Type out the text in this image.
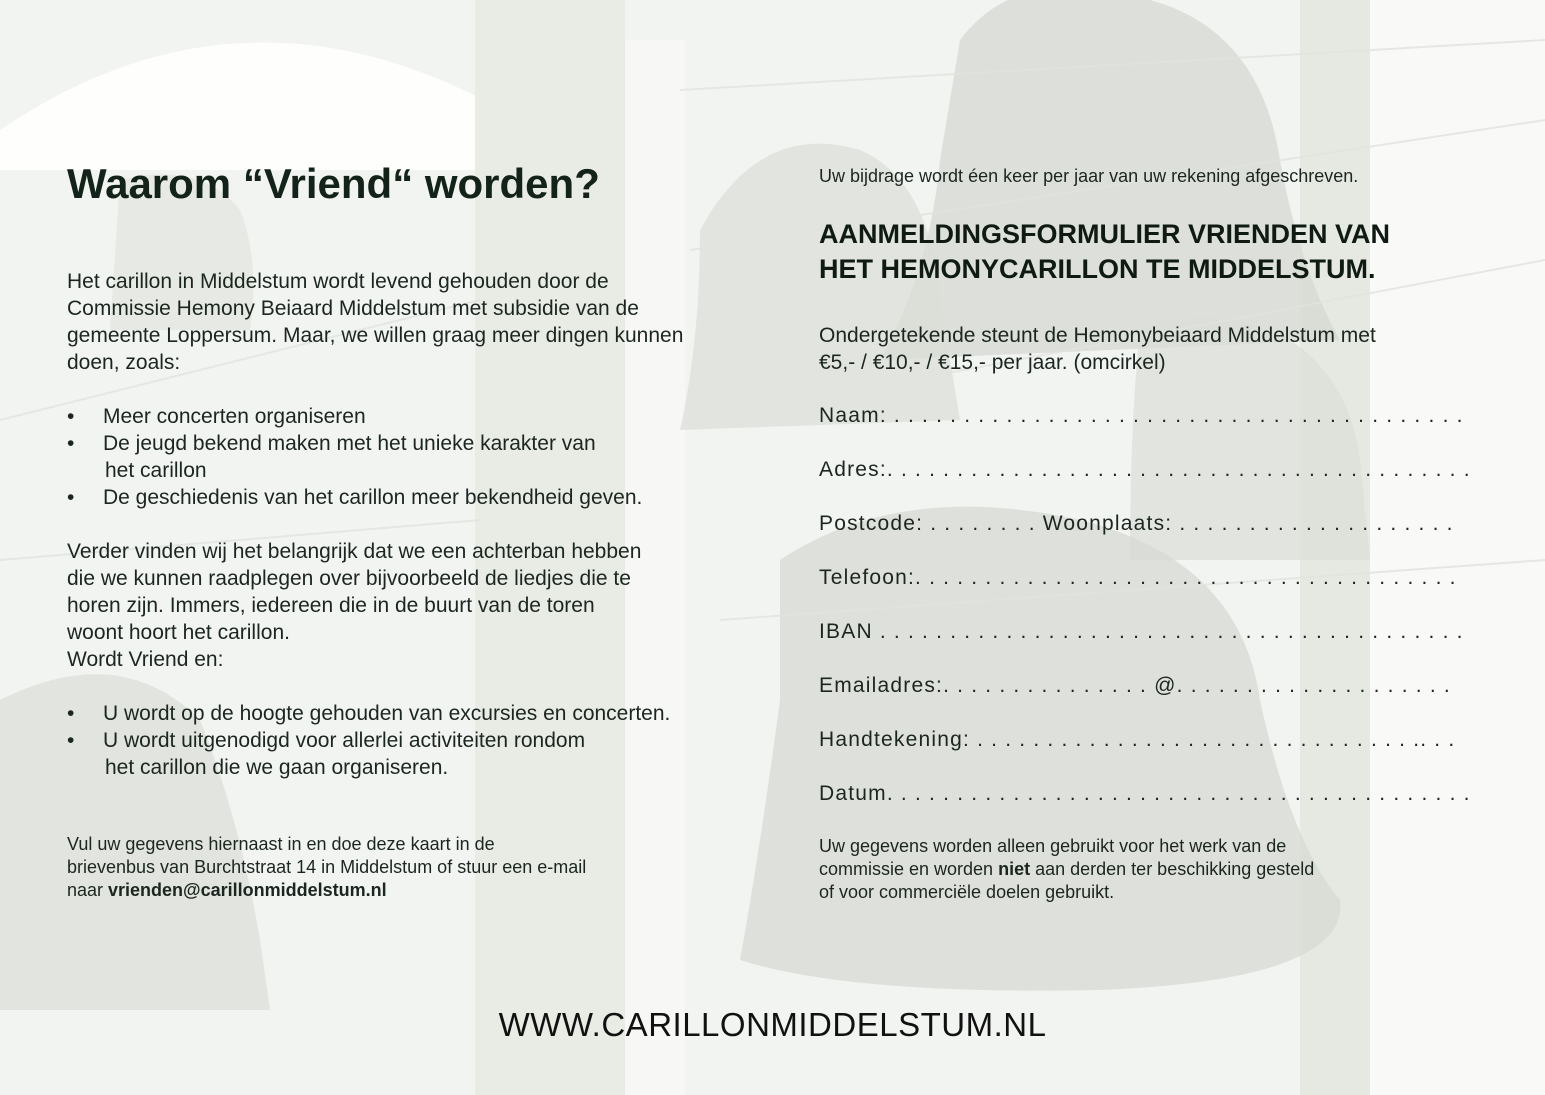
Waarom “Vriend“ worden?
Het carillon in Middelstum wordt levend gehouden door de
Commissie Hemony Beiaard Middelstum met subsidie van de
gemeente Loppersum. Maar, we willen graag meer dingen kunnen
doen, zoals:
• Meer concerten organiseren
• De jeugd bekend maken met het unieke karakter van
het carillon
• De geschiedenis van het carillon meer bekendheid geven.
Verder vinden wij het belangrijk dat we een achterban hebben
die we kunnen raadplegen over bijvoorbeeld de liedjes die te
horen zijn. Immers, iedereen die in de buurt van de toren
woont hoort het carillon.
Wordt Vriend en:
• U wordt op de hoogte gehouden van excursies en concerten.
• U wordt uitgenodigd voor allerlei activiteiten rondom
het carillon die we gaan organiseren.
Vul uw gegevens hiernaast in en doe deze kaart in de
brievenbus van Burchtstraat 14 in Middelstum of stuur een e-mail
naar vrienden@carillonmiddelstum.nl
Uw bijdrage wordt éen keer per jaar van uw rekening afgeschreven.
AANMELDINGSFORMULIER VRIENDEN VAN
HET HEMONYCARILLON TE MIDDELSTUM.
Ondergetekende steunt de Hemonybeiaard Middelstum met
€5,- / €10,- / €15,- per jaar. (omcirkel)
Naam: . . . . . . . . . . . . . . . . . . . . . . . . . . . . . . . . . . . . . . . . .
Adres:. . . . . . . . . . . . . . . . . . . . . . . . . . . . . . . . . . . . . . . . . .
Postcode: . . . . . . . . Woonplaats: . . . . . . . . . . . . . . . . . . . .
Telefoon:. . . . . . . . . . . . . . . . . . . . . . . . . . . . . . . . . . . . . . .
IBAN . . . . . . . . . . . . . . . . . . . . . . . . . . . . . . . . . . . . . . . . . .
Emailadres:. . . . . . . . . . . . . . . @. . . . . . . . . . . . . . . . . . . .
Handtekening: . . . . . . . . . . . . . . . . . . . . . . . . . . . . . . . .. . .
Datum. . . . . . . . . . . . . . . . . . . . . . . . . . . . . . . . . . . . . . . . . .
Uw gegevens worden alleen gebruikt voor het werk van de
commissie en worden niet aan derden ter beschikking gesteld
of voor commerciële doelen gebruikt.
WWW.CARILLONMIDDELSTUM.NL
